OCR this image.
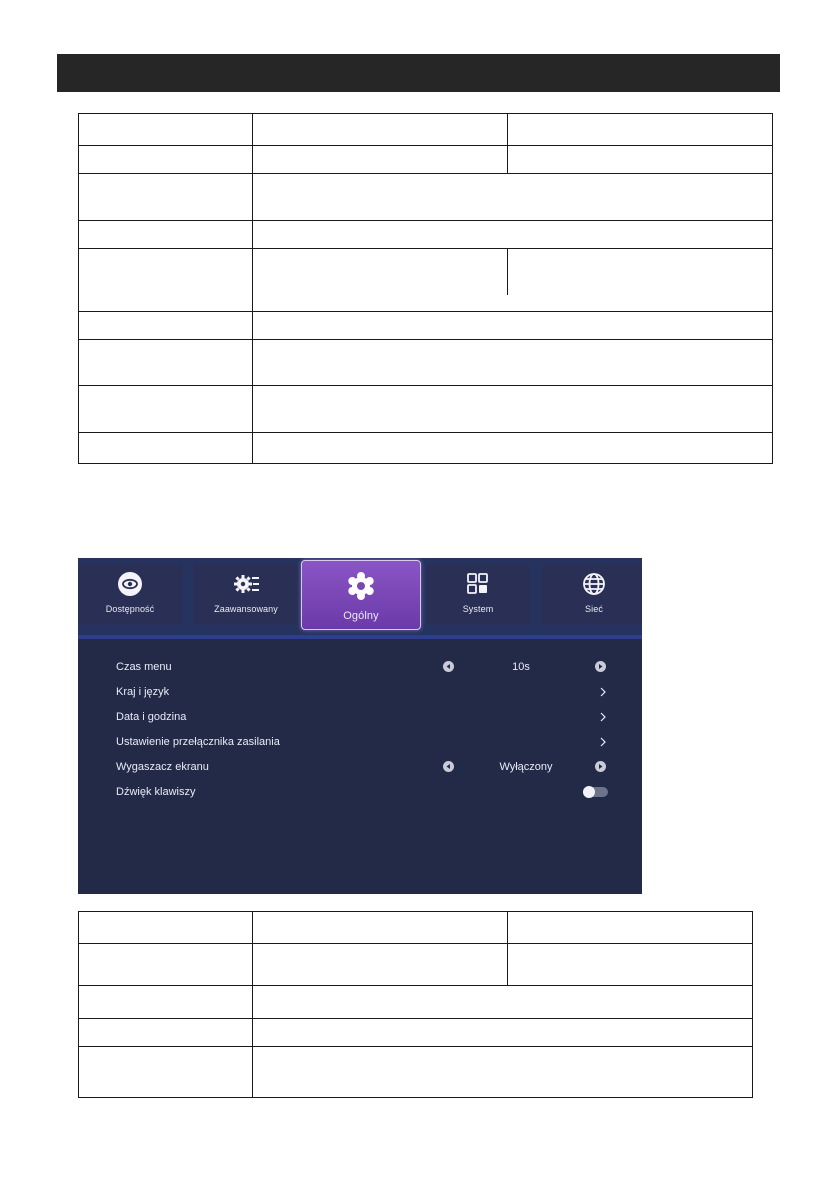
Dostępność	Zaawansowany
Ogólny
System	Sieć
Czas menu	10s
Kraj i język
Data i godzina
Ustawienie przełącznika zasilania
Wygaszacz ekranu	Wyłączony
Dźwięk klawiszy
